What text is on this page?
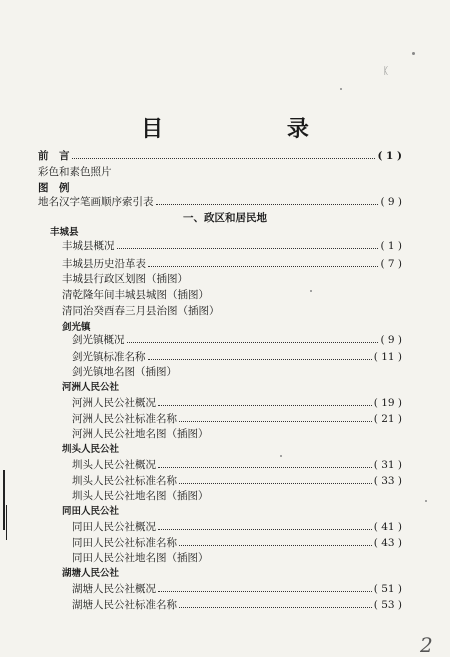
ᛕ
目 录
前　言	( 1 )
彩色和素色照片
图　例
地名汉字笔画顺序索引表	( 9 )
一、政区和居民地
丰城县
丰城县概况	( 1 )
丰城县历史沿革表	( 7 )
丰城县行政区划图（插图）
清乾隆年间丰城县城图（插图）
清同治癸酉春三月县治图（插图）
剑光镇
剑光镇概况	( 9 )
剑光镇标准名称	( 11 )
剑光镇地名图（插图）
河洲人民公社
河洲人民公社概况	( 19 )
河洲人民公社标准名称	( 21 )
河洲人民公社地名图（插图）
圳头人民公社
圳头人民公社概况	( 31 )
圳头人民公社标准名称	( 33 )
圳头人民公社地名图（插图）
同田人民公社
同田人民公社概况	( 41 )
同田人民公社标准名称	( 43 )
同田人民公社地名图（插图）
湖塘人民公社
湖塘人民公社概况	( 51 )
湖塘人民公社标准名称	( 53 )
2
